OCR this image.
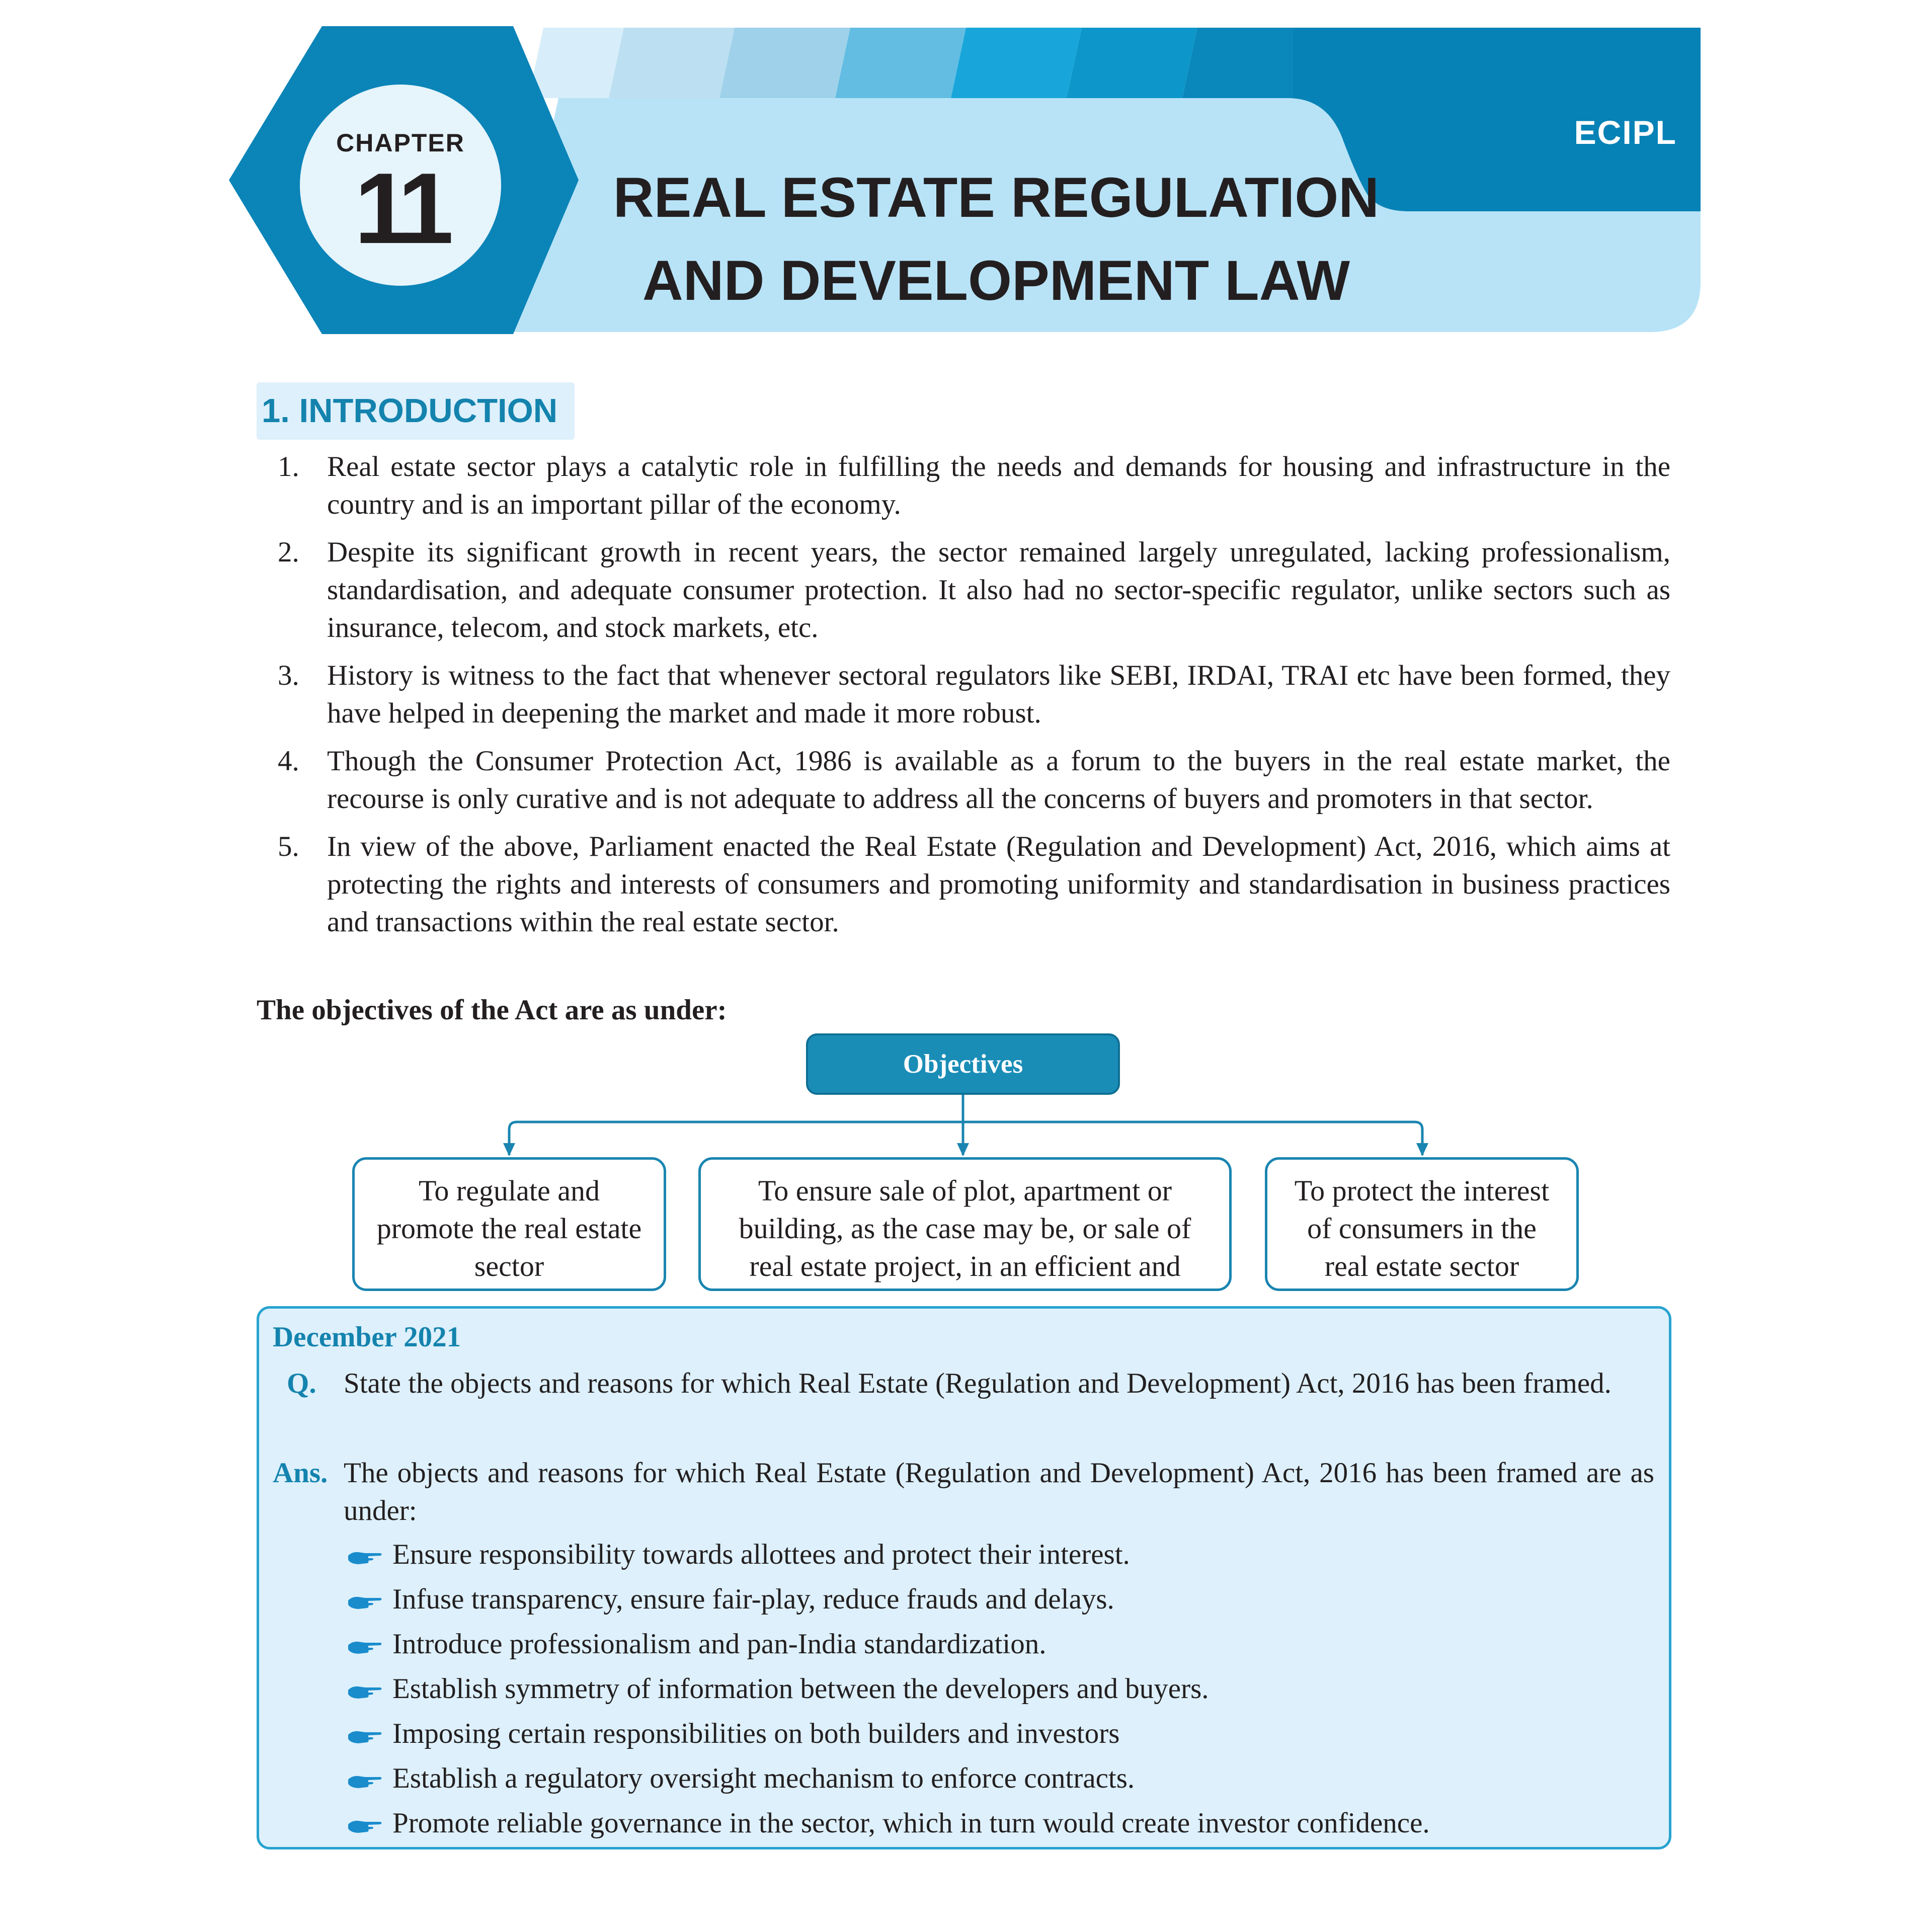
CHAPTER
11
ECIPL
REAL ESTATE REGULATION
AND DEVELOPMENT LAW
1. INTRODUCTION
1. Real estate sector plays a catalytic role in fulfilling the needs and demands for housing and infrastructure in the country and is an important pillar of the economy.
2. Despite its significant growth in recent years, the sector remained largely unregulated, lacking professionalism, standardisation, and adequate consumer protection. It also had no sector-specific regulator, unlike sectors such as insurance, telecom, and stock markets, etc.
3. History is witness to the fact that whenever sectoral regulators like SEBI, IRDAI, TRAI etc have been formed, they have helped in deepening the market and made it more robust.
4. Though the Consumer Protection Act, 1986 is available as a forum to the buyers in the real estate market, the recourse is only curative and is not adequate to address all the concerns of buyers and promoters in that sector.
5. In view of the above, Parliament enacted the Real Estate (Regulation and Development) Act, 2016, which aims at protecting the rights and interests of consumers and promoting uniformity and standardisation in business practices and transactions within the real estate sector.
The objectives of the Act are as under:
Objectives
To regulate and
promote the real estate
sector
To ensure sale of plot, apartment or
building, as the case may be, or sale of
real estate project, in an efficient and
To protect the interest
of consumers in the
real estate sector
December 2021
Q. State the objects and reasons for which Real Estate (Regulation and Development) Act, 2016 has been framed.
Ans. The objects and reasons for which Real Estate (Regulation and Development) Act, 2016 has been framed are as under:
Ensure responsibility towards allottees and protect their interest.
Infuse transparency, ensure fair-play, reduce frauds and delays.
Introduce professionalism and pan-India standardization.
Establish symmetry of information between the developers and buyers.
Imposing certain responsibilities on both builders and investors
Establish a regulatory oversight mechanism to enforce contracts.
Promote reliable governance in the sector, which in turn would create investor confidence.
